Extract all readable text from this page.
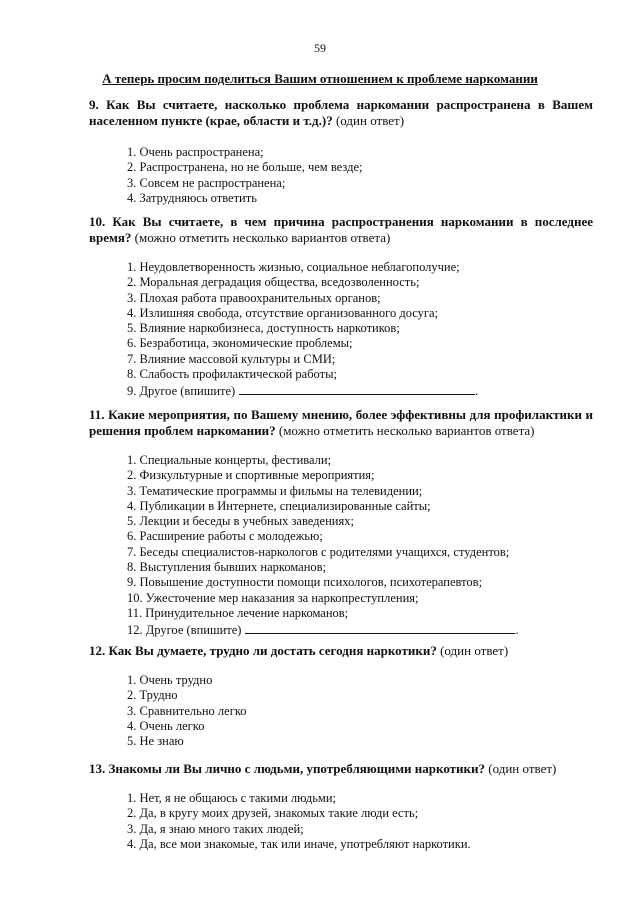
59
А теперь просим поделиться Вашим отношением к проблеме наркомании

9. Как Вы считаете, насколько проблема наркомании распространена в Вашем населенном пункте (крае, области и т.д.)? (один ответ)

1. Очень распространена;
2. Распространена, но не больше, чем везде;
3. Совсем не распространена;
4. Затрудняюсь ответить

10. Как Вы считаете, в чем причина распространения наркомании в последнее время? (можно отметить несколько вариантов ответа)

1. Неудовлетворенность жизнью, социальное неблагополучие;
2. Моральная деградация общества, вседозволенность;
3. Плохая работа правоохранительных органов;
4. Излишняя свобода, отсутствие организованного досуга;
5. Влияние наркобизнеса, доступность наркотиков;
6. Безработица, экономические проблемы;
7. Влияние массовой культуры и СМИ;
8. Слабость профилактической работы;
9. Другое (впишите)	.

11. Какие мероприятия, по Вашему мнению, более эффективны для профилактики и решения проблем наркомании? (можно отметить несколько вариантов ответа)

1. Специальные концерты, фестивали;
2. Физкультурные и спортивные мероприятия;
3. Тематические программы и фильмы на телевидении;
4. Публикации в Интернете, специализированные сайты;
5. Лекции и беседы в учебных заведениях;
6. Расширение работы с молодежью;
7. Беседы специалистов-наркологов с родителями учащихся, студентов;
8. Выступления бывших наркоманов;
9. Повышение доступности помощи психологов, психотерапевтов;
10. Ужесточение мер наказания за наркопреступления;
11. Принудительное лечение наркоманов;
12. Другое (впишите)	.

12. Как Вы думаете, трудно ли достать сегодня наркотики? (один ответ)

1. Очень трудно
2. Трудно
3. Сравнительно легко
4. Очень легко
5. Не знаю

13. Знакомы ли Вы лично с людьми, употребляющими наркотики? (один ответ)

1. Нет, я не общаюсь с такими людьми;
2. Да, в кругу моих друзей, знакомых такие люди есть;
3. Да, я знаю много таких людей;
4. Да, все мои знакомые, так или иначе, употребляют наркотики.
